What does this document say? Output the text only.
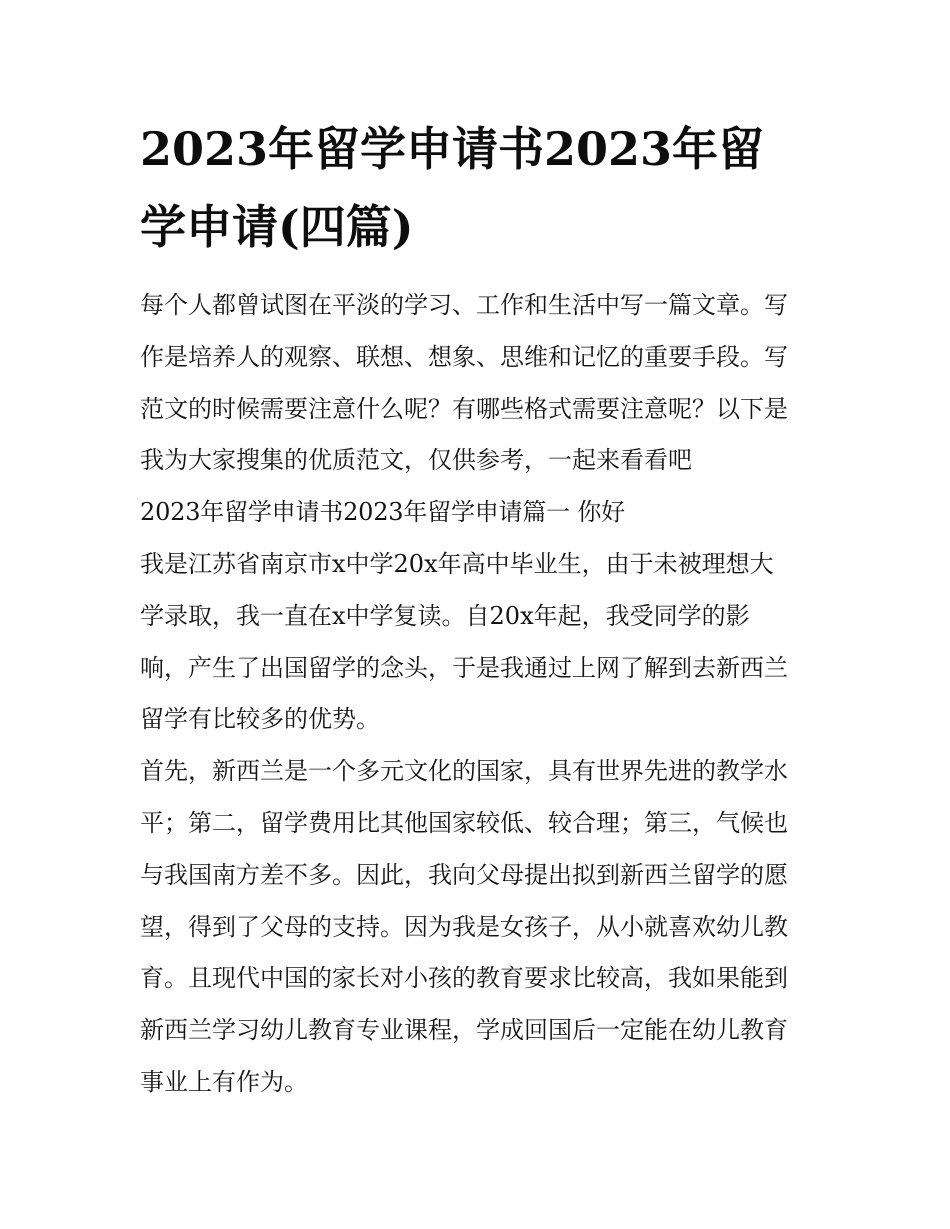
2023年留学申请书2023年留
学申请(四篇)
每个人都曾试图在平淡的学习、工作和生活中写一篇文章。写
作是培养人的观察、联想、想象、思维和记忆的重要手段。写
范文的时候需要注意什么呢？有哪些格式需要注意呢？以下是
我为大家搜集的优质范文，仅供参考，一起来看看吧
2023年留学申请书2023年留学申请篇一 你好
我是江苏省南京市x中学20x年高中毕业生，由于未被理想大
学录取，我一直在x中学复读。自20x年起，我受同学的影
响，产生了出国留学的念头，于是我通过上网了解到去新西兰
留学有比较多的优势。
首先，新西兰是一个多元文化的国家，具有世界先进的教学水
平；第二，留学费用比其他国家较低、较合理；第三，气候也
与我国南方差不多。因此，我向父母提出拟到新西兰留学的愿
望，得到了父母的支持。因为我是女孩子，从小就喜欢幼儿教
育。且现代中国的家长对小孩的教育要求比较高，我如果能到
新西兰学习幼儿教育专业课程，学成回国后一定能在幼儿教育
事业上有作为。
